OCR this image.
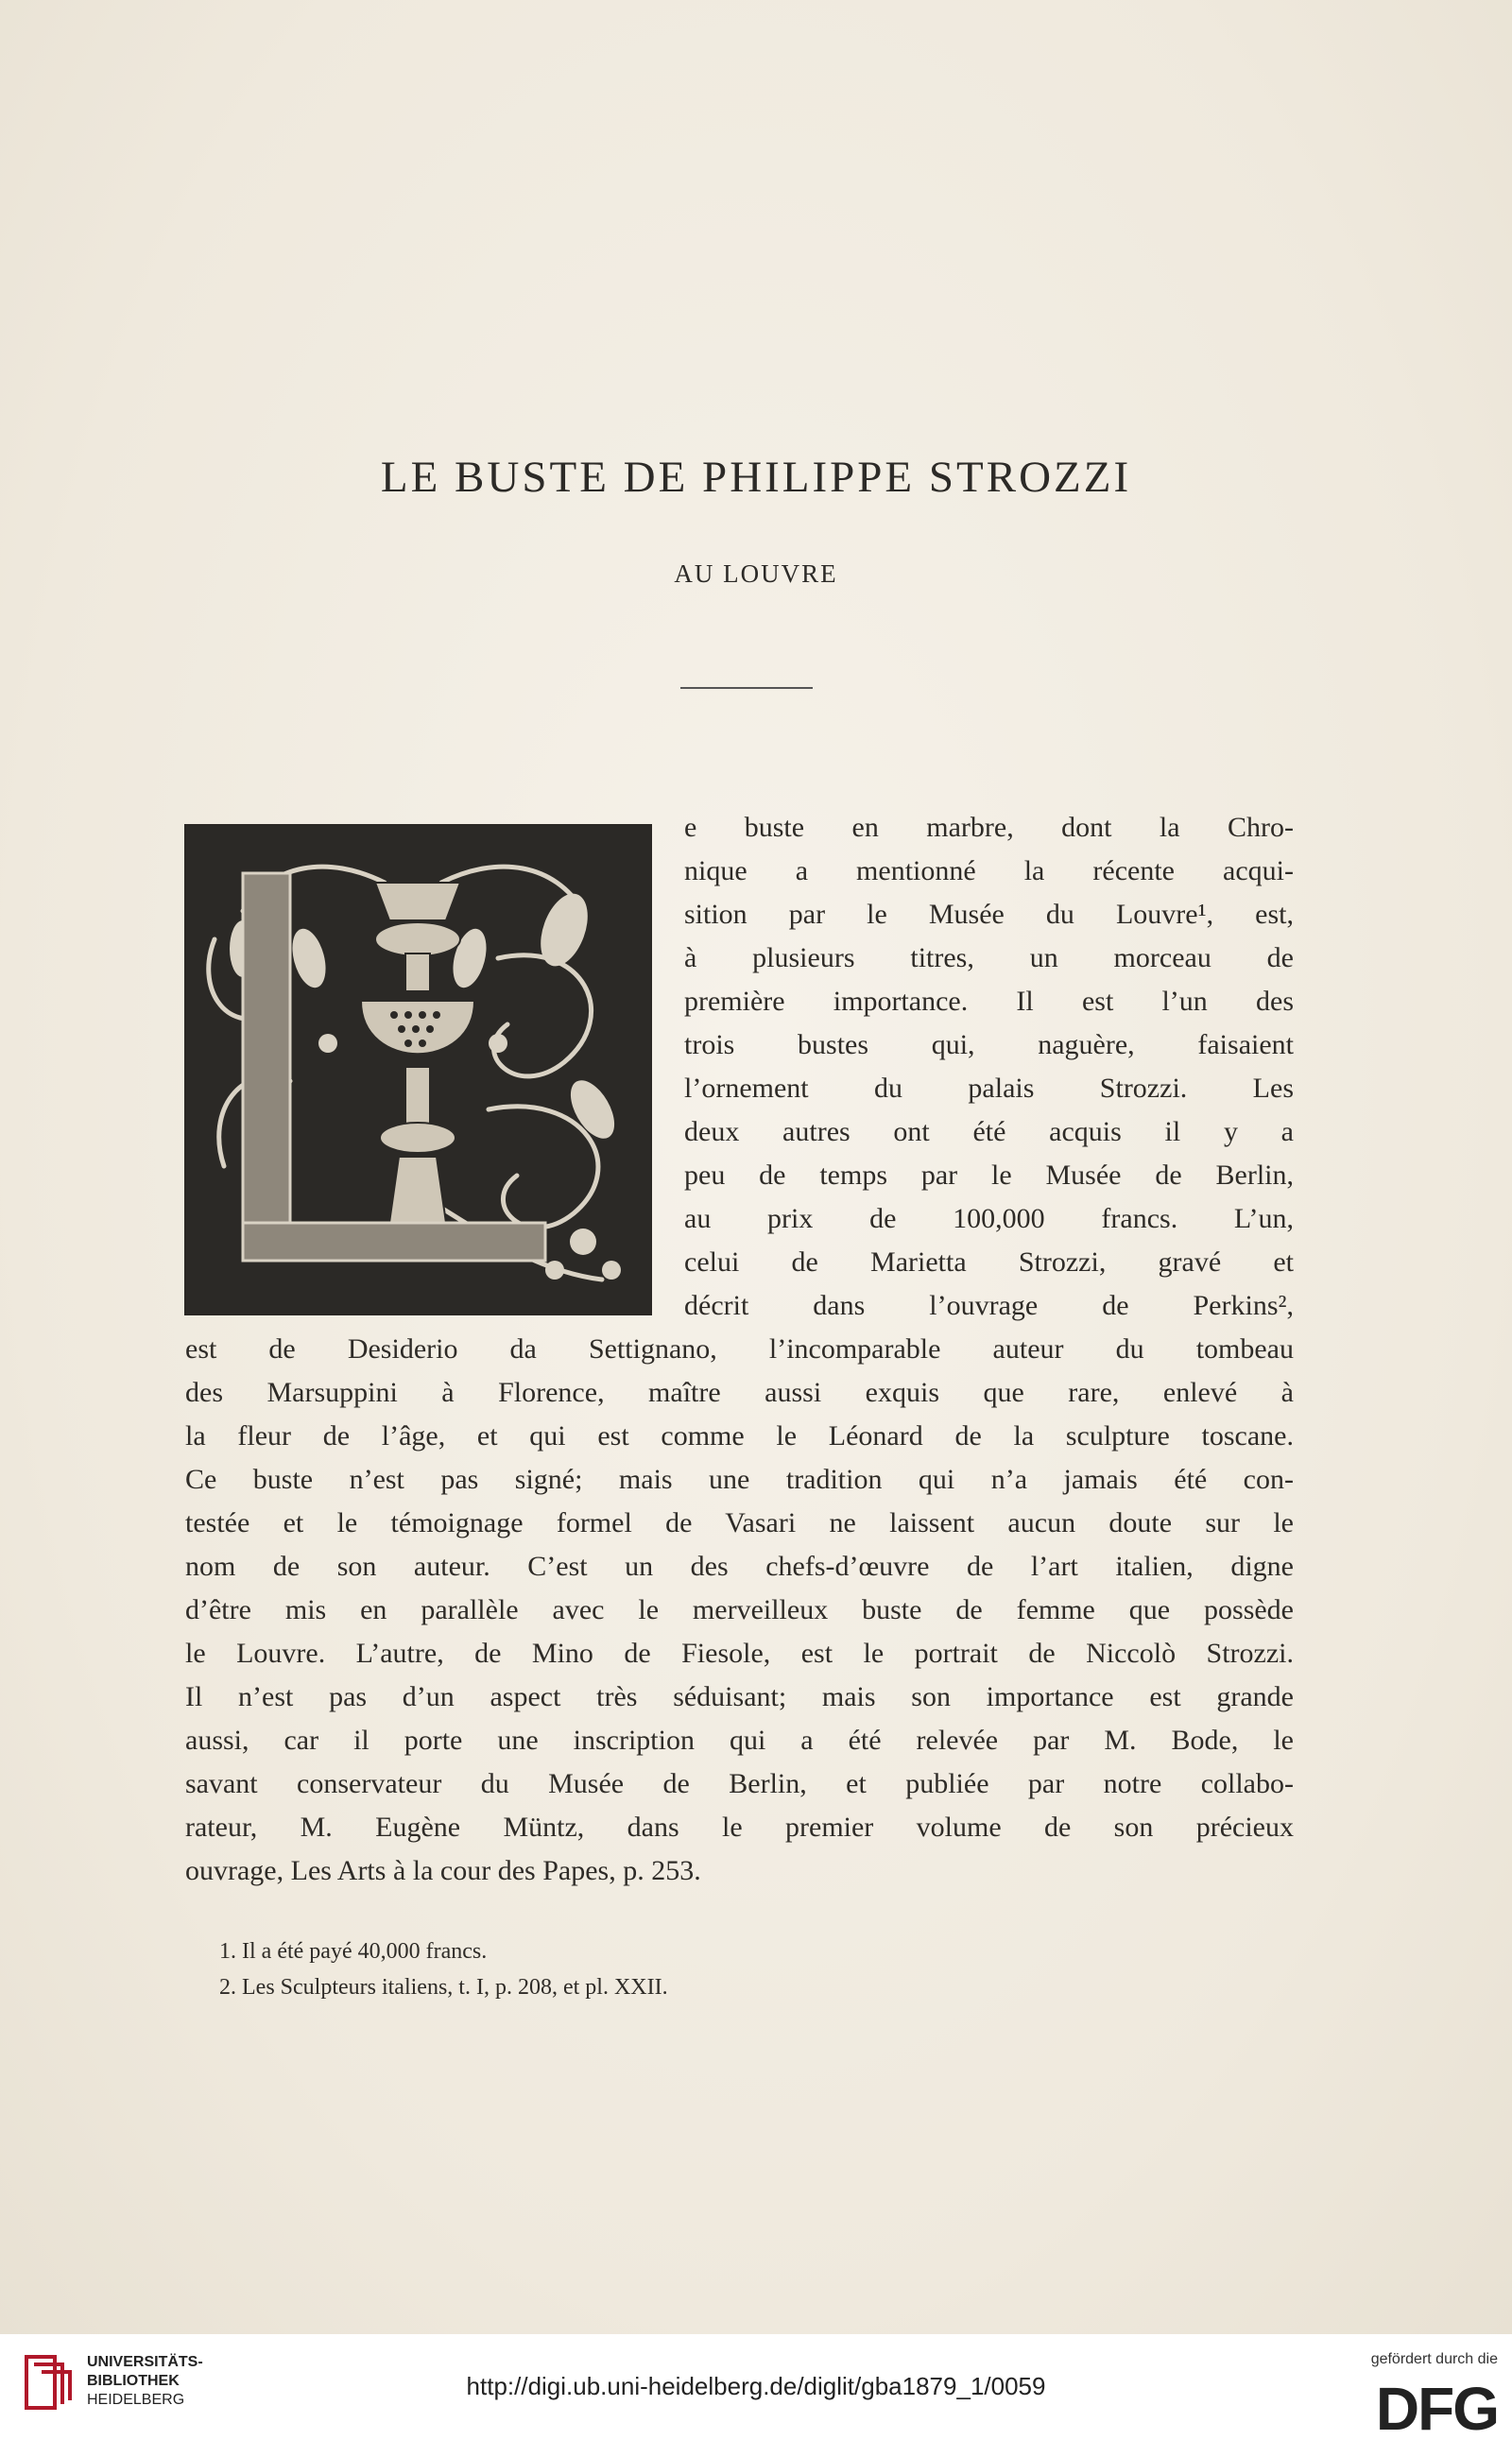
LE BUSTE DE PHILIPPE STROZZI
AU LOUVRE
e buste en marbre, dont la Chro-
nique a mentionné la récente acqui-
sition par le Musée du Louvre¹, est,
à plusieurs titres, un morceau de
première importance. Il est l’un des
trois bustes qui, naguère, faisaient
l’ornement du palais Strozzi. Les
deux autres ont été acquis il y a
peu de temps par le Musée de Berlin,
au prix de 100,000 francs. L’un,
celui de Marietta Strozzi, gravé et
décrit dans l’ouvrage de Perkins²,
est de Desiderio da Settignano, l’incomparable auteur du tombeau
des Marsuppini à Florence, maître aussi exquis que rare, enlevé à
la fleur de l’âge, et qui est comme le Léonard de la sculpture toscane.
Ce buste n’est pas signé; mais une tradition qui n’a jamais été con-
testée et le témoignage formel de Vasari ne laissent aucun doute sur le
nom de son auteur. C’est un des chefs-d’œuvre de l’art italien, digne
d’être mis en parallèle avec le merveilleux buste de femme que possède
le Louvre. L’autre, de Mino de Fiesole, est le portrait de Niccolò Strozzi.
Il n’est pas d’un aspect très séduisant; mais son importance est grande
aussi, car il porte une inscription qui a été relevée par M. Bode, le
savant conservateur du Musée de Berlin, et publiée par notre collabo-
rateur, M. Eugène Müntz, dans le premier volume de son précieux
ouvrage, Les Arts à la cour des Papes, p. 253.
1. Il a été payé 40,000 francs.
2. Les Sculpteurs italiens, t. I, p. 208, et pl. XXII.
UNIVERSITÄTS-
BIBLIOTHEK
HEIDELBERG	http://digi.ub.uni-heidelberg.de/diglit/gba1879_1/0059
gefördert durch die
DFG
